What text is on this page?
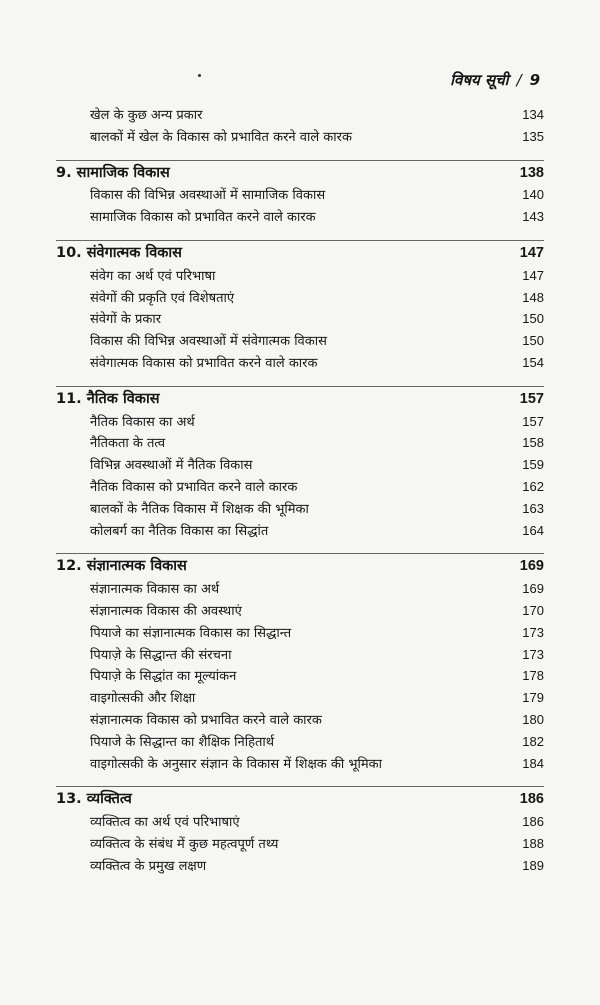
विषय सूची / 9
खेल के कुछ अन्य प्रकार	134
बालकों में खेल के विकास को प्रभावित करने वाले कारक	135
9. सामाजिक विकास	138
विकास की विभिन्न अवस्थाओं में सामाजिक विकास	140
सामाजिक विकास को प्रभावित करने वाले कारक	143
10. संवेगात्मक विकास	147
संवेग का अर्थ एवं परिभाषा	147
संवेगों की प्रकृति एवं विशेषताएं	148
संवेगों के प्रकार	150
विकास की विभिन्न अवस्थाओं में संवेगात्मक विकास	150
संवेगात्मक विकास को प्रभावित करने वाले कारक	154
11. नैतिक विकास	157
नैतिक विकास का अर्थ	157
नैतिकता के तत्व	158
विभिन्न अवस्थाओं में नैतिक विकास	159
नैतिक विकास को प्रभावित करने वाले कारक	162
बालकों के नैतिक विकास में शिक्षक की भूमिका	163
कोलबर्ग का नैतिक विकास का सिद्धांत	164
12. संज्ञानात्मक विकास	169
संज्ञानात्मक विकास का अर्थ	169
संज्ञानात्मक विकास की अवस्थाएं	170
पियाजे का संज्ञानात्मक विकास का सिद्धान्त	173
पियाज़े के सिद्धान्त की संरचना	173
पियाज़े के सिद्धांत का मूल्यांकन	178
वाइगोत्सकी और शिक्षा	179
संज्ञानात्मक विकास को प्रभावित करने वाले कारक	180
पियाजे के सिद्धान्त का शैक्षिक निहितार्थ	182
वाइगोत्सकी के अनुसार संज्ञान के विकास में शिक्षक की भूमिका	184
13. व्यक्तित्व	186
व्यक्तित्व का अर्थ एवं परिभाषाएं	186
व्यक्तित्व के संबंध में कुछ महत्वपूर्ण तथ्य	188
व्यक्तित्व के प्रमुख लक्षण	189
